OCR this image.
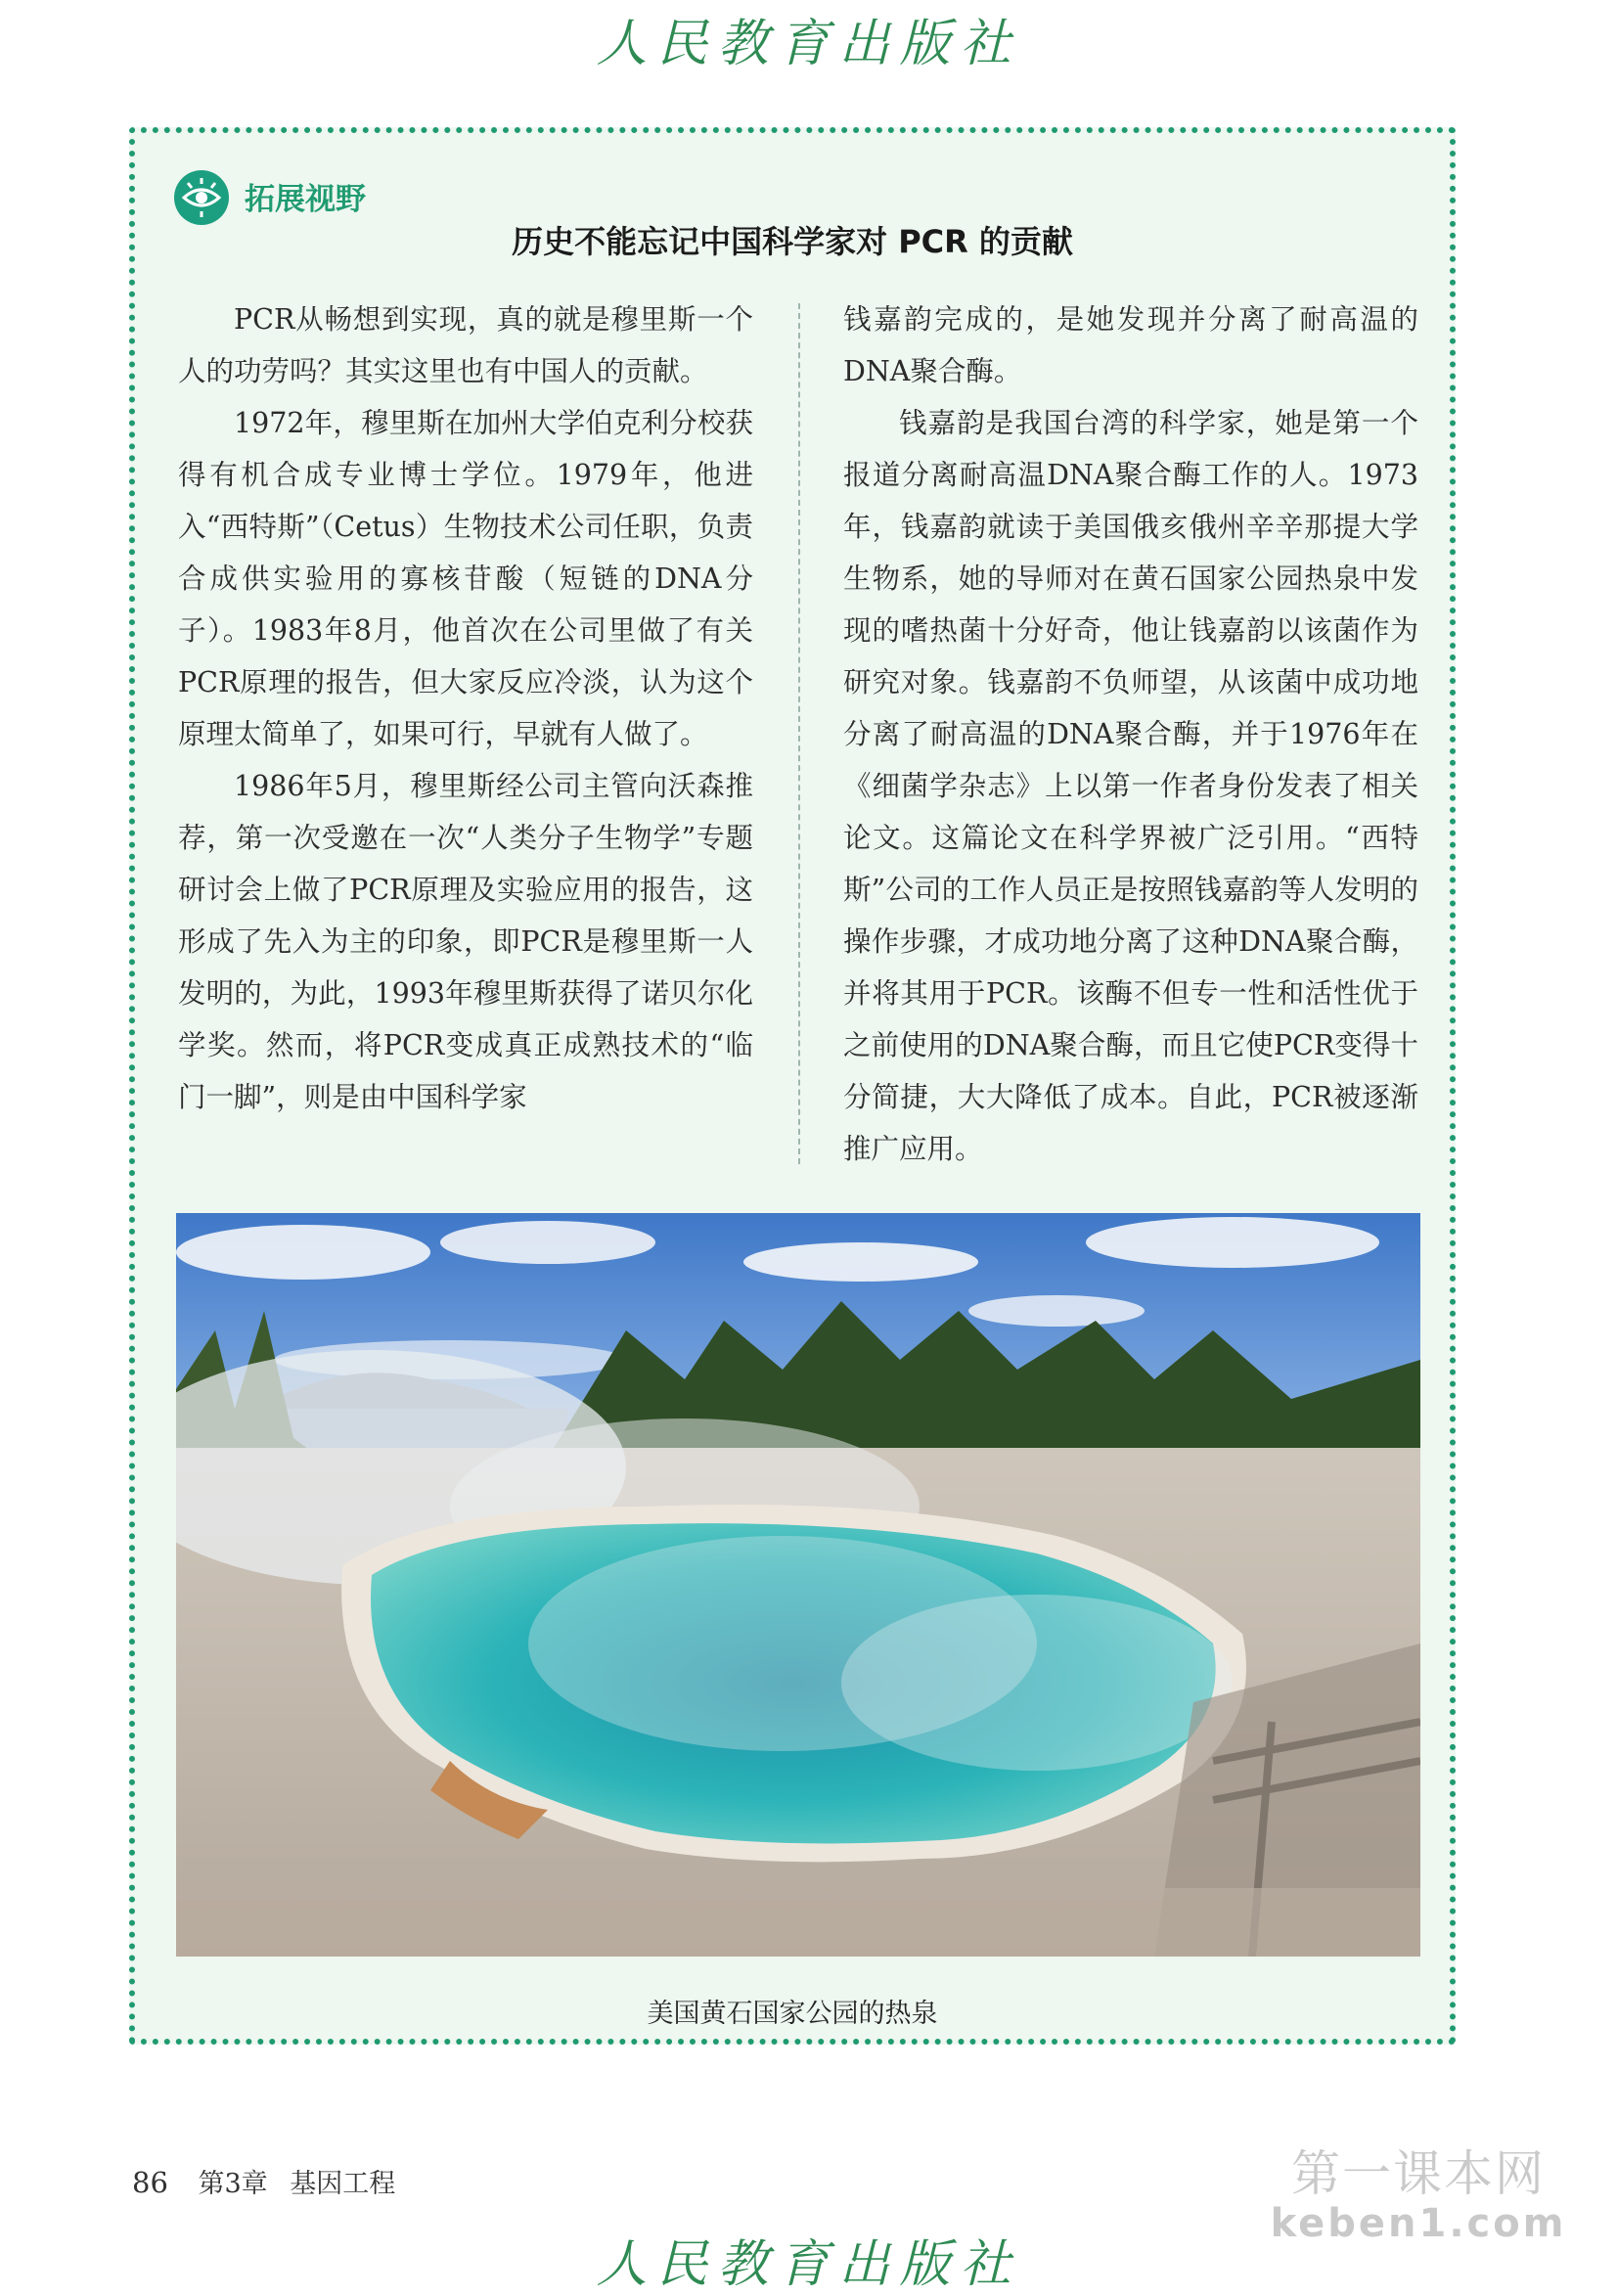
人民教育出版社
拓展视野
历史不能忘记中国科学家对 PCR 的贡献

PCR从畅想到实现，真的就是穆里斯一个人的功劳吗？其实这里也有中国人的贡献。

1972年，穆里斯在加州大学伯克利分校获得有机合成专业博士学位。1979年，他进入“西特斯”（Cetus）生物技术公司任职，负责合成供实验用的寡核苷酸（短链的DNA分子）。1983年8月，他首次在公司里做了有关PCR原理的报告，但大家反应冷淡，认为这个原理太简单了，如果可行，早就有人做了。

1986年5月，穆里斯经公司主管向沃森推荐，第一次受邀在一次“人类分子生物学”专题研讨会上做了PCR原理及实验应用的报告，这形成了先入为主的印象，即PCR是穆里斯一人发明的，为此，1993年穆里斯获得了诺贝尔化学奖。然而，将PCR变成真正成熟技术的“临门一脚”，则是由中国科学家

钱嘉韵完成的，是她发现并分离了耐高温的DNA聚合酶。

钱嘉韵是我国台湾的科学家，她是第一个报道分离耐高温DNA聚合酶工作的人。1973年，钱嘉韵就读于美国俄亥俄州辛辛那提大学生物系，她的导师对在黄石国家公园热泉中发现的嗜热菌十分好奇，他让钱嘉韵以该菌作为研究对象。钱嘉韵不负师望，从该菌中成功地分离了耐高温的DNA聚合酶，并于1976年在《细菌学杂志》上以第一作者身份发表了相关论文。这篇论文在科学界被广泛引用。“西特斯”公司的工作人员正是按照钱嘉韵等人发明的操作步骤，才成功地分离了这种DNA聚合酶，并将其用于PCR。该酶不但专一性和活性优于之前使用的DNA聚合酶，而且它使PCR变得十分简捷，大大降低了成本。自此，PCR被逐渐推广应用。

美国黄石国家公园的热泉
86 第3章 基因工程	第一课本网
keben1.com
人民教育出版社
